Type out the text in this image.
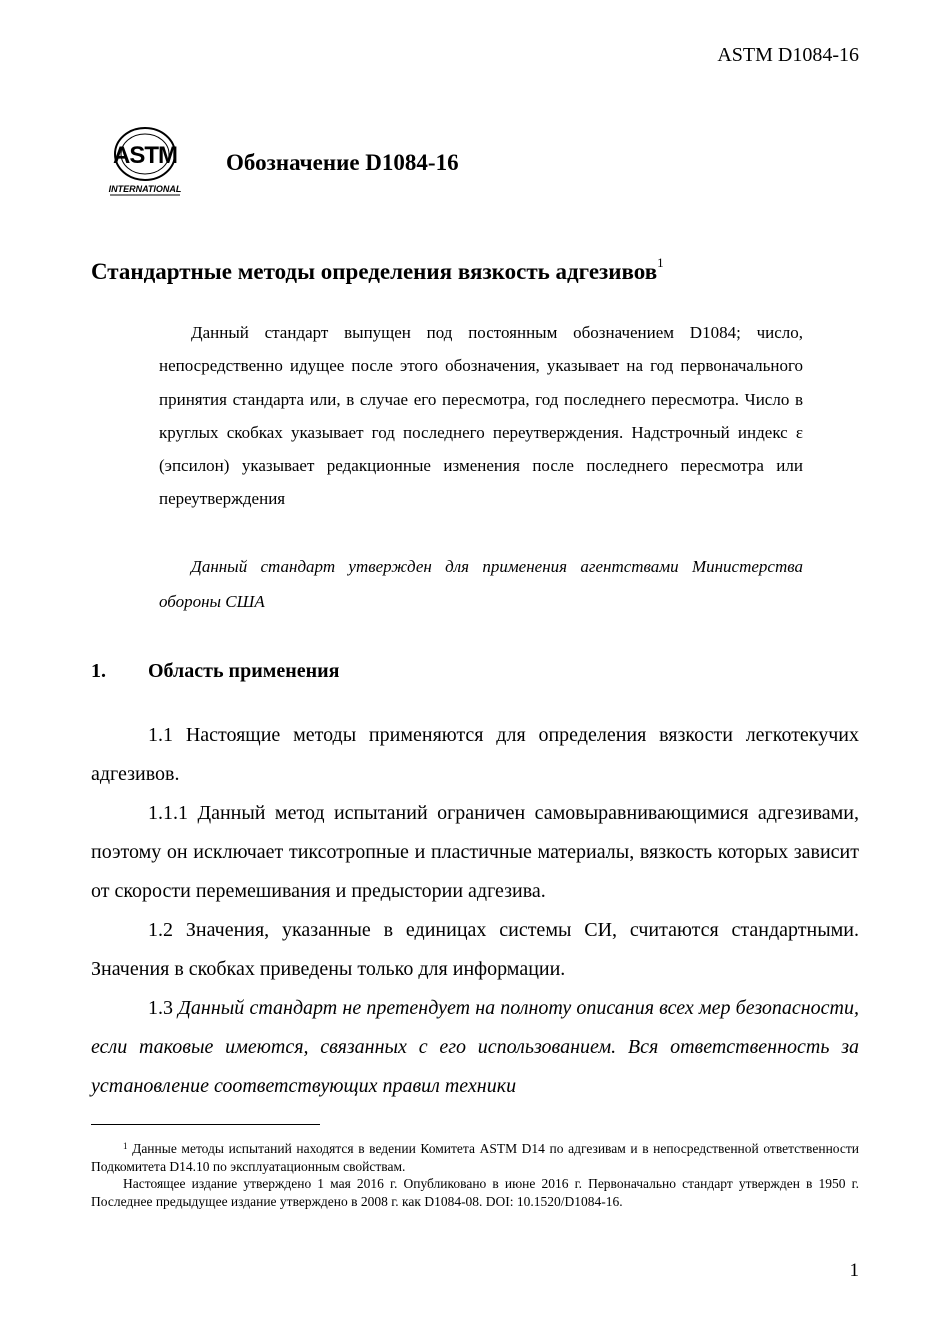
ASTM D1084-16
ASTM
INTERNATIONAL
Обозначение D1084-16
Стандартные методы определения вязкость адгезивов$^1$
Данный стандарт выпущен под постоянным обозначением D1084; число, непосредственно идущее после этого обозначения, указывает на год первоначального принятия стандарта или, в случае его пересмотра, год последнего пересмотра. Число в круглых скобках указывает год последнего переутверждения. Надстрочный индекс ε (эпсилон) указывает редакционные изменения после последнего пересмотра или переутверждения
Данный стандарт утвержден для применения агентствами Министерства обороны США
1. Область применения

1.1 Настоящие методы применяются для определения вязкости легкотекучих адгезивов.

1.1.1 Данный метод испытаний ограничен самовыравнивающимися адгезивами, поэтому он исключает тиксотропные и пластичные материалы, вязкость которых зависит от скорости перемешивания и предыстории адгезива.

1.2 Значения, указанные в единицах системы СИ, считаются стандартными. Значения в скобках приведены только для информации.

1.3 Данный стандарт не претендует на полноту описания всех мер безопасности, если таковые имеются, связанных с его использованием. Вся ответственность за установление соответствующих правил техники

$^1$ Данные методы испытаний находятся в ведении Комитета ASTM D14 по адгезивам и в непосредственной ответственности Подкомитета D14.10 по эксплуатационным свойствам.

Настоящее издание утверждено 1 мая 2016 г. Опубликовано в июне 2016 г. Первоначально стандарт утвержден в 1950 г. Последнее предыдущее издание утверждено в 2008 г. как D1084-08. DOI: 10.1520/D1084-16.

1
